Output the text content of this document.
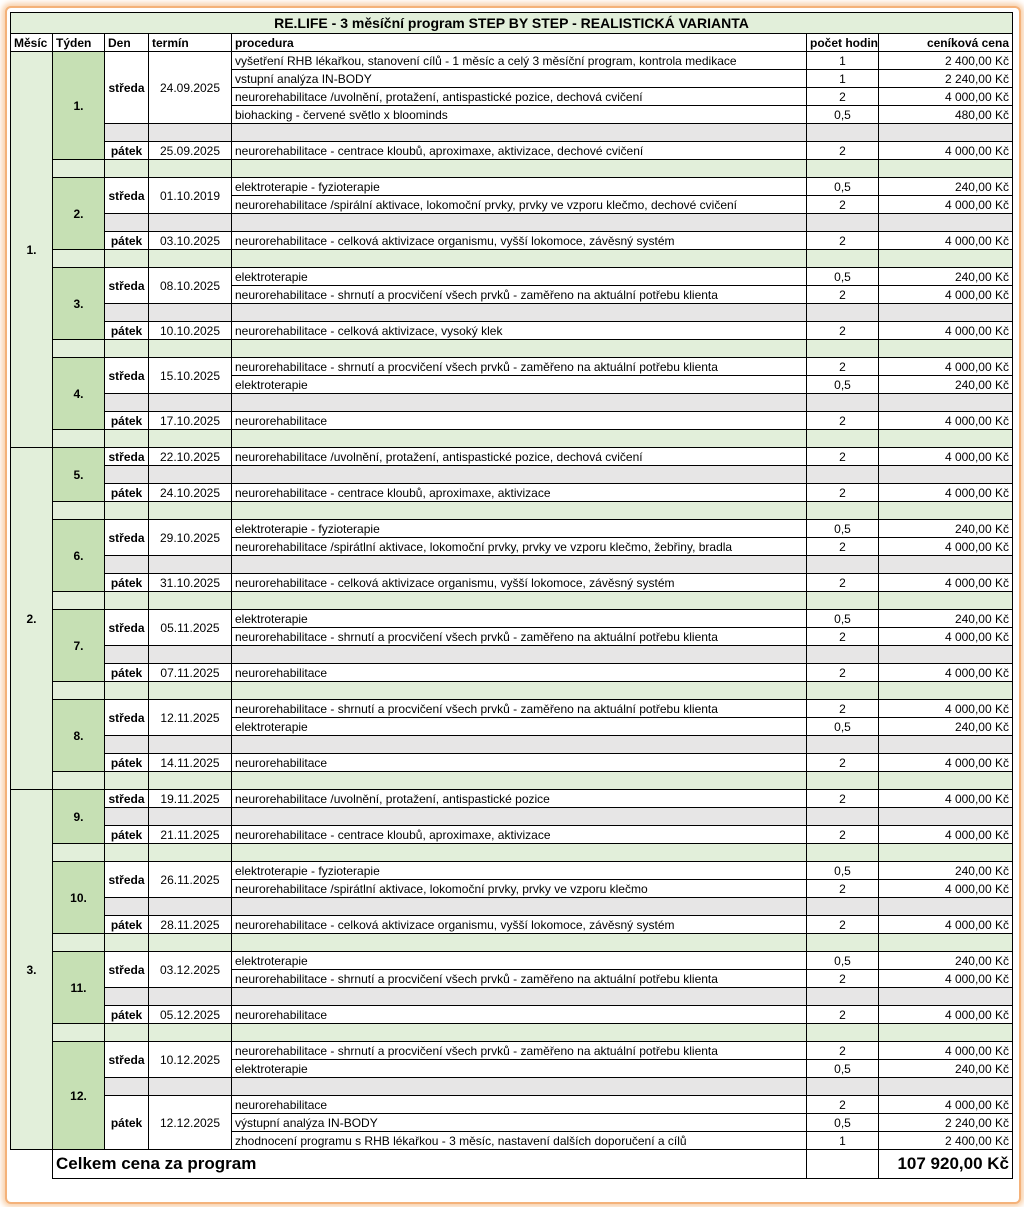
RE.LIFE - 3 měsíční program STEP BY STEP - REALISTICKÁ VARIANTA						
Měsíc	Týden	Den	termín	procedura	počet hodin	ceníková cena
1.	1.	středa	24.09.2025	vyšetření RHB lékařkou, stanovení cílů - 1 měsíc a celý 3 měsíční program, kontrola medikace	1	2 400,00 Kč
				vstupní analýza IN-BODY	1	2 240,00 Kč
				neurorehabilitace /uvolnění, protažení, antispastické pozice, dechová cvičení	2	4 000,00 Kč
				biohacking - červené světlo x bloominds	0,5	480,00 Kč

		pátek	25.09.2025	neurorehabilitace - centrace kloubů, aproximaxe, aktivizace, dechové cvičení	2	4 000,00 Kč

	2.	středa	01.10.2019	elektroterapie - fyzioterapie	0,5	240,00 Kč
				neurorehabilitace /spirální aktivace, lokomoční prvky, prvky ve vzporu klečmo, dechové cvičení	2	4 000,00 Kč

		pátek	03.10.2025	neurorehabilitace - celková aktivizace organismu, vyšší lokomoce, závěsný systém	2	4 000,00 Kč

	3.	středa	08.10.2025	elektroterapie	0,5	240,00 Kč
				neurorehabilitace - shrnutí a procvičení všech prvků - zaměřeno na aktuální potřebu klienta	2	4 000,00 Kč

		pátek	10.10.2025	neurorehabilitace - celková aktivizace, vysoký klek	2	4 000,00 Kč

	4.	středa	15.10.2025	neurorehabilitace - shrnutí a procvičení všech prvků - zaměřeno na aktuální potřebu klienta	2	4 000,00 Kč
				elektroterapie	0,5	240,00 Kč

		pátek	17.10.2025	neurorehabilitace	2	4 000,00 Kč

2.	5.	středa	22.10.2025	neurorehabilitace /uvolnění, protažení, antispastické pozice, dechová cvičení	2	4 000,00 Kč

		pátek	24.10.2025	neurorehabilitace - centrace kloubů, aproximaxe, aktivizace	2	4 000,00 Kč

	6.	středa	29.10.2025	elektroterapie - fyzioterapie	0,5	240,00 Kč
				neurorehabilitace /spirátlní aktivace, lokomoční prvky, prvky ve vzporu klečmo, žebřiny, bradla	2	4 000,00 Kč

		pátek	31.10.2025	neurorehabilitace - celková aktivizace organismu, vyšší lokomoce, závěsný systém	2	4 000,00 Kč

	7.	středa	05.11.2025	elektroterapie	0,5	240,00 Kč
				neurorehabilitace - shrnutí a procvičení všech prvků - zaměřeno na aktuální potřebu klienta	2	4 000,00 Kč

		pátek	07.11.2025	neurorehabilitace	2	4 000,00 Kč

	8.	středa	12.11.2025	neurorehabilitace - shrnutí a procvičení všech prvků - zaměřeno na aktuální potřebu klienta	2	4 000,00 Kč
				elektroterapie	0,5	240,00 Kč

		pátek	14.11.2025	neurorehabilitace	2	4 000,00 Kč

3.	9.	středa	19.11.2025	neurorehabilitace /uvolnění, protažení, antispastické pozice	2	4 000,00 Kč

		pátek	21.11.2025	neurorehabilitace - centrace kloubů, aproximaxe, aktivizace	2	4 000,00 Kč

	10.	středa	26.11.2025	elektroterapie - fyzioterapie	0,5	240,00 Kč
				neurorehabilitace /spirátlní aktivace, lokomoční prvky, prvky ve vzporu klečmo	2	4 000,00 Kč

		pátek	28.11.2025	neurorehabilitace - celková aktivizace organismu, vyšší lokomoce, závěsný systém	2	4 000,00 Kč

	11.	středa	03.12.2025	elektroterapie	0,5	240,00 Kč
				neurorehabilitace - shrnutí a procvičení všech prvků - zaměřeno na aktuální potřebu klienta	2	4 000,00 Kč

		pátek	05.12.2025	neurorehabilitace	2	4 000,00 Kč

	12.	středa	10.12.2025	neurorehabilitace - shrnutí a procvičení všech prvků - zaměřeno na aktuální potřebu klienta	2	4 000,00 Kč
				elektroterapie	0,5	240,00 Kč

		pátek	12.12.2025	neurorehabilitace	2	4 000,00 Kč
				výstupní analýza IN-BODY	0,5	2 240,00 Kč
				zhodnocení programu s RHB lékařkou - 3 měsíc, nastavení dalších doporučení a cílů	1	2 400,00 Kč
	Celkem cena za program					107 920,00 Kč
